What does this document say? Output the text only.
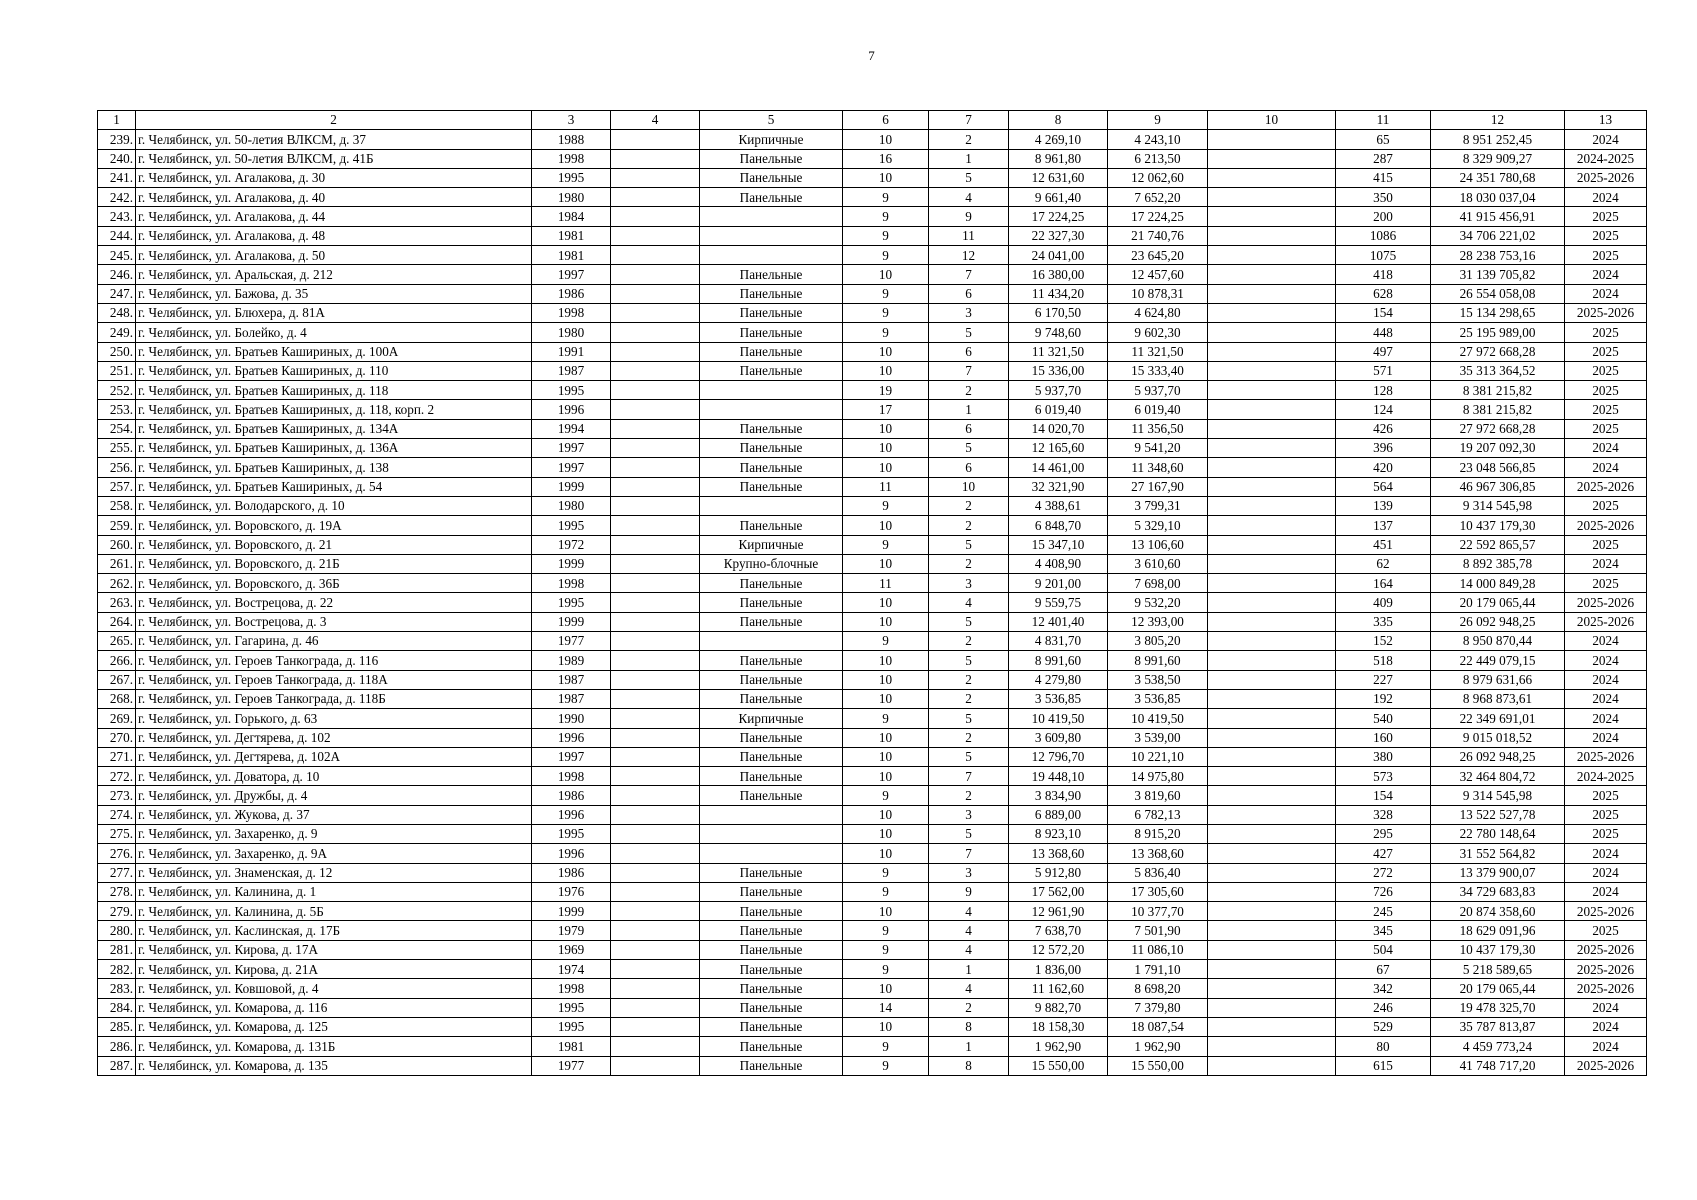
7
1	2	3	4	5	6	7	8	9	10	11	12	13
239.	г. Челябинск, ул. 50-летия ВЛКСМ, д. 37	1988		Кирпичные	10	2	4 269,10	4 243,10		65	8 951 252,45	2024
240.	г. Челябинск, ул. 50-летия ВЛКСМ, д. 41Б	1998		Панельные	16	1	8 961,80	6 213,50		287	8 329 909,27	2024-2025
241.	г. Челябинск, ул. Агалакова, д. 30	1995		Панельные	10	5	12 631,60	12 062,60		415	24 351 780,68	2025-2026
242.	г. Челябинск, ул. Агалакова, д. 40	1980		Панельные	9	4	9 661,40	7 652,20		350	18 030 037,04	2024
243.	г. Челябинск, ул. Агалакова, д. 44	1984			9	9	17 224,25	17 224,25		200	41 915 456,91	2025
244.	г. Челябинск, ул. Агалакова, д. 48	1981			9	11	22 327,30	21 740,76		1086	34 706 221,02	2025
245.	г. Челябинск, ул. Агалакова, д. 50	1981			9	12	24 041,00	23 645,20		1075	28 238 753,16	2025
246.	г. Челябинск, ул. Аральская, д. 212	1997		Панельные	10	7	16 380,00	12 457,60		418	31 139 705,82	2024
247.	г. Челябинск, ул. Бажова, д. 35	1986		Панельные	9	6	11 434,20	10 878,31		628	26 554 058,08	2024
248.	г. Челябинск, ул. Блюхера, д. 81А	1998		Панельные	9	3	6 170,50	4 624,80		154	15 134 298,65	2025-2026
249.	г. Челябинск, ул. Болейко, д. 4	1980		Панельные	9	5	9 748,60	9 602,30		448	25 195 989,00	2025
250.	г. Челябинск, ул. Братьев Кашириных, д. 100А	1991		Панельные	10	6	11 321,50	11 321,50		497	27 972 668,28	2025
251.	г. Челябинск, ул. Братьев Кашириных, д. 110	1987		Панельные	10	7	15 336,00	15 333,40		571	35 313 364,52	2025
252.	г. Челябинск, ул. Братьев Кашириных, д. 118	1995			19	2	5 937,70	5 937,70		128	8 381 215,82	2025
253.	г. Челябинск, ул. Братьев Кашириных, д. 118, корп. 2	1996			17	1	6 019,40	6 019,40		124	8 381 215,82	2025
254.	г. Челябинск, ул. Братьев Кашириных, д. 134А	1994		Панельные	10	6	14 020,70	11 356,50		426	27 972 668,28	2025
255.	г. Челябинск, ул. Братьев Кашириных, д. 136А	1997		Панельные	10	5	12 165,60	9 541,20		396	19 207 092,30	2024
256.	г. Челябинск, ул. Братьев Кашириных, д. 138	1997		Панельные	10	6	14 461,00	11 348,60		420	23 048 566,85	2024
257.	г. Челябинск, ул. Братьев Кашириных, д. 54	1999		Панельные	11	10	32 321,90	27 167,90		564	46 967 306,85	2025-2026
258.	г. Челябинск, ул. Володарского, д. 10	1980			9	2	4 388,61	3 799,31		139	9 314 545,98	2025
259.	г. Челябинск, ул. Воровского, д. 19А	1995		Панельные	10	2	6 848,70	5 329,10		137	10 437 179,30	2025-2026
260.	г. Челябинск, ул. Воровского, д. 21	1972		Кирпичные	9	5	15 347,10	13 106,60		451	22 592 865,57	2025
261.	г. Челябинск, ул. Воровского, д. 21Б	1999		Крупно-блочные	10	2	4 408,90	3 610,60		62	8 892 385,78	2024
262.	г. Челябинск, ул. Воровского, д. 36Б	1998		Панельные	11	3	9 201,00	7 698,00		164	14 000 849,28	2025
263.	г. Челябинск, ул. Вострецова, д. 22	1995		Панельные	10	4	9 559,75	9 532,20		409	20 179 065,44	2025-2026
264.	г. Челябинск, ул. Вострецова, д. 3	1999		Панельные	10	5	12 401,40	12 393,00		335	26 092 948,25	2025-2026
265.	г. Челябинск, ул. Гагарина, д. 46	1977			9	2	4 831,70	3 805,20		152	8 950 870,44	2024
266.	г. Челябинск, ул. Героев Танкограда, д. 116	1989		Панельные	10	5	8 991,60	8 991,60		518	22 449 079,15	2024
267.	г. Челябинск, ул. Героев Танкограда, д. 118А	1987		Панельные	10	2	4 279,80	3 538,50		227	8 979 631,66	2024
268.	г. Челябинск, ул. Героев Танкограда, д. 118Б	1987		Панельные	10	2	3 536,85	3 536,85		192	8 968 873,61	2024
269.	г. Челябинск, ул. Горького, д. 63	1990		Кирпичные	9	5	10 419,50	10 419,50		540	22 349 691,01	2024
270.	г. Челябинск, ул. Дегтярева, д. 102	1996		Панельные	10	2	3 609,80	3 539,00		160	9 015 018,52	2024
271.	г. Челябинск, ул. Дегтярева, д. 102А	1997		Панельные	10	5	12 796,70	10 221,10		380	26 092 948,25	2025-2026
272.	г. Челябинск, ул. Доватора, д. 10	1998		Панельные	10	7	19 448,10	14 975,80		573	32 464 804,72	2024-2025
273.	г. Челябинск, ул. Дружбы, д. 4	1986		Панельные	9	2	3 834,90	3 819,60		154	9 314 545,98	2025
274.	г. Челябинск, ул. Жукова, д. 37	1996			10	3	6 889,00	6 782,13		328	13 522 527,78	2025
275.	г. Челябинск, ул. Захаренко, д. 9	1995			10	5	8 923,10	8 915,20		295	22 780 148,64	2025
276.	г. Челябинск, ул. Захаренко, д. 9А	1996			10	7	13 368,60	13 368,60		427	31 552 564,82	2024
277.	г. Челябинск, ул. Знаменская, д. 12	1986		Панельные	9	3	5 912,80	5 836,40		272	13 379 900,07	2024
278.	г. Челябинск, ул. Калинина, д. 1	1976		Панельные	9	9	17 562,00	17 305,60		726	34 729 683,83	2024
279.	г. Челябинск, ул. Калинина, д. 5Б	1999		Панельные	10	4	12 961,90	10 377,70		245	20 874 358,60	2025-2026
280.	г. Челябинск, ул. Каслинская, д. 17Б	1979		Панельные	9	4	7 638,70	7 501,90		345	18 629 091,96	2025
281.	г. Челябинск, ул. Кирова, д. 17А	1969		Панельные	9	4	12 572,20	11 086,10		504	10 437 179,30	2025-2026
282.	г. Челябинск, ул. Кирова, д. 21А	1974		Панельные	9	1	1 836,00	1 791,10		67	5 218 589,65	2025-2026
283.	г. Челябинск, ул. Ковшовой, д. 4	1998		Панельные	10	4	11 162,60	8 698,20		342	20 179 065,44	2025-2026
284.	г. Челябинск, ул. Комарова, д. 116	1995		Панельные	14	2	9 882,70	7 379,80		246	19 478 325,70	2024
285.	г. Челябинск, ул. Комарова, д. 125	1995		Панельные	10	8	18 158,30	18 087,54		529	35 787 813,87	2024
286.	г. Челябинск, ул. Комарова, д. 131Б	1981		Панельные	9	1	1 962,90	1 962,90		80	4 459 773,24	2024
287.	г. Челябинск, ул. Комарова, д. 135	1977		Панельные	9	8	15 550,00	15 550,00		615	41 748 717,20	2025-2026
